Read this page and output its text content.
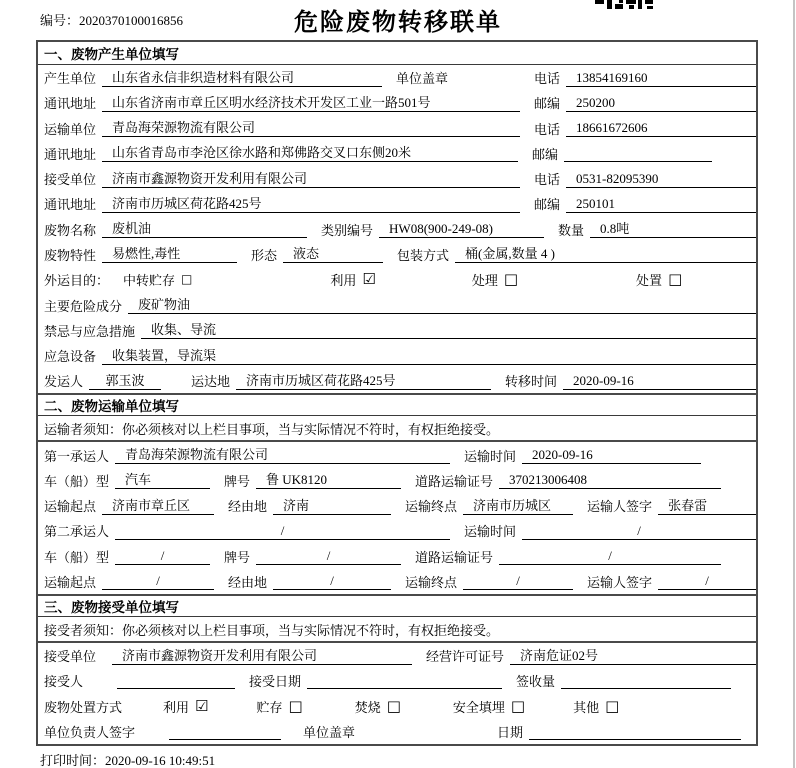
编号：2020370100016856	危险废物转移联单
一、废物产生单位填写
产生单位	山东省永信非织造材料有限公司	单位盖章	电话	13854169160
通讯地址	山东省济南市章丘区明水经济技术开发区工业一路501号	邮编	250200
运输单位	青岛海荣源物流有限公司	电话	18661672606
通讯地址	山东省青岛市李沧区徐水路和郑佛路交叉口东侧20米	邮编
接受单位	济南市鑫源物资开发利用有限公司	电话	0531-82095390
通讯地址	济南市历城区荷花路425号	邮编	250101
废物名称	废机油	类别编号	HW08(900-249-08)	数量	0.8吨
废物特性	易燃性,毒性	形态	液态	包装方式	桶(金属,数量 4 )
外运目的： 中转贮存 □	利用 ☑	处理 □	处置 □
主要危险成分	废矿物油
禁忌与应急措施	收集、导流
应急设备	收集装置，导流渠
发运人	郭玉波	运达地	济南市历城区荷花路425号	转移时间	2020-09-16
二、废物运输单位填写
运输者须知： 你必须核对以上栏目事项，当与实际情况不符时，有权拒绝接受。
第一承运人	青岛海荣源物流有限公司	运输时间	2020-09-16
车（船）型	汽车	牌号	鲁 UK8120	道路运输证号	370213006408
运输起点	济南市章丘区	经由地	济南	运输终点	济南市历城区	运输人签字	张春雷
第二承运人	/	运输时间	/
车（船）型	/	牌号	/	道路运输证号	/
运输起点	/	经由地	/	运输终点	/	运输人签字	/
三、废物接受单位填写
接受者须知： 你必须核对以上栏目事项，当与实际情况不符时，有权拒绝接受。
接受单位	济南市鑫源物资开发利用有限公司	经营许可证号	济南危证02号
接受人	接受日期	签收量
废物处置方式	利用 ☑	贮存 □	焚烧 □	安全填埋 □	其他 □
单位负责人签字	单位盖章	日期
打印时间：2020-09-16 10:49:51
